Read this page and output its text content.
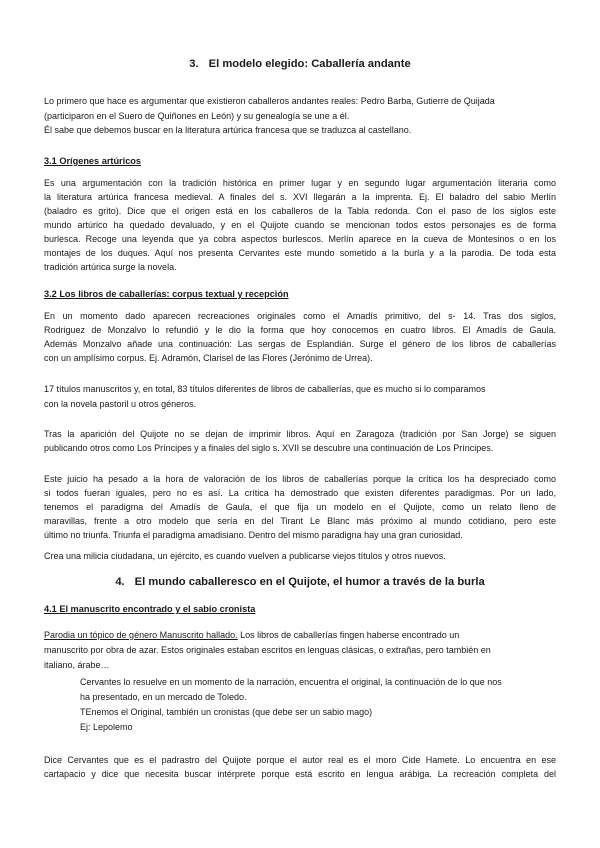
3. El modelo elegido: Caballería andante
Lo primero que hace es argumentar que existieron caballeros andantes reales: Pedro Barba, Gutierre de Quijada
(participaron en el Suero de Quiñones en León) y su genealogía se une a él.
Él sabe que debemos buscar en la literatura artúrica francesa que se traduzca al castellano.
3.1 Orígenes artúricos
Es una argumentación con la tradición histórica en primer lugar y en segundo lugar argumentación literaria como
la literatura artúrica francesa medieval. A finales del s. XVI llegarán a la imprenta. Ej. El baladro del sabio Merlín
(baladro es grito). Dice que el origen está en los caballeros de la Tabla redonda. Con el paso de los siglos este
mundo artúrico ha quedado devaluado, y en el Quijote cuando se mencionan todos estos personajes es de forma
burlesca. Recoge una leyenda que ya cobra aspectos burlescos. Merlín aparece en la cueva de Montesinos o en los
montajes de los duques. Aquí nos presenta Cervantes este mundo sometido a la burla y a la parodia. De toda esta
tradición artúrica surge la novela.
3.2 Los libros de caballerías: corpus textual y recepción
En un momento dado aparecen recreaciones originales como el Amadís primitivo, del s- 14. Tras dos siglos,
Rodriguez de Monzalvo lo refundió y le dio la forma que hoy conocemos en cuatro libros. El Amadís de Gaula.
Además Monzalvo añade una continuación: Las sergas de Esplandián. Surge el género de los libros de caballerías
con un amplísimo corpus. Ej. Adramón, Clarisel de las Flores (Jerónimo de Urrea).
17 títulos manuscritos y, en total, 83 títulos diferentes de libros de caballerías, que es mucho si lo comparamos
con la novela pastoril u otros géneros.
Tras la aparición del Quijote no se dejan de imprimir libros. Aquí en Zaragoza (tradición por San Jorge) se siguen
publicando otros como Los Príncipes y a finales del siglo s. XVII se descubre una continuación de Los Príncipes.
Este juicio ha pesado a la hora de valoración de los libros de caballerías porque la crítica los ha despreciado como
si todos fueran iguales, pero no es así. La crítica ha demostrado que existen diferentes paradigmas. Por un lado,
tenemos el paradigma del Amadís de Gaula, el que fija un modelo en el Quijote, como un relato lleno de
maravillas, frente a otro modelo que sería en del Tirant Le Blanc más próximo al mundo cotidiano, pero este
último no triunfa. Triunfa el paradigma amadisiano. Dentro del mismo paradigna hay una gran curiosidad.
Crea una milicia ciudadana, un ejército, es cuando vuelven a publicarse viejos títulos y otros nuevos.
4. El mundo caballeresco en el Quijote, el humor a través de la burla
4.1 El manuscrito encontrado y el sabio cronista
Parodia un tópico de género Manuscrito hallado. Los libros de caballerías fingen haberse encontrado un
manuscrito por obra de azar. Estos originales estaban escritos en lenguas clásicas, o extrañas, pero también en
italiano, árabe…
Cervantes lo resuelve en un momento de la narración, encuentra el original, la continuación de lo que nos
ha presentado, en un mercado de Toledo.
TEnemos el Original, también un cronistas (que debe ser un sabio mago)
Ej: Lepolemo
Dice Cervantes que es el padrastro del Quijote porque el autor real es el moro Cide Hamete. Lo encuentra en ese
cartapacio y dice que necesita buscar intérprete porque está escrito en lengua arábiga. La recreación completa del
